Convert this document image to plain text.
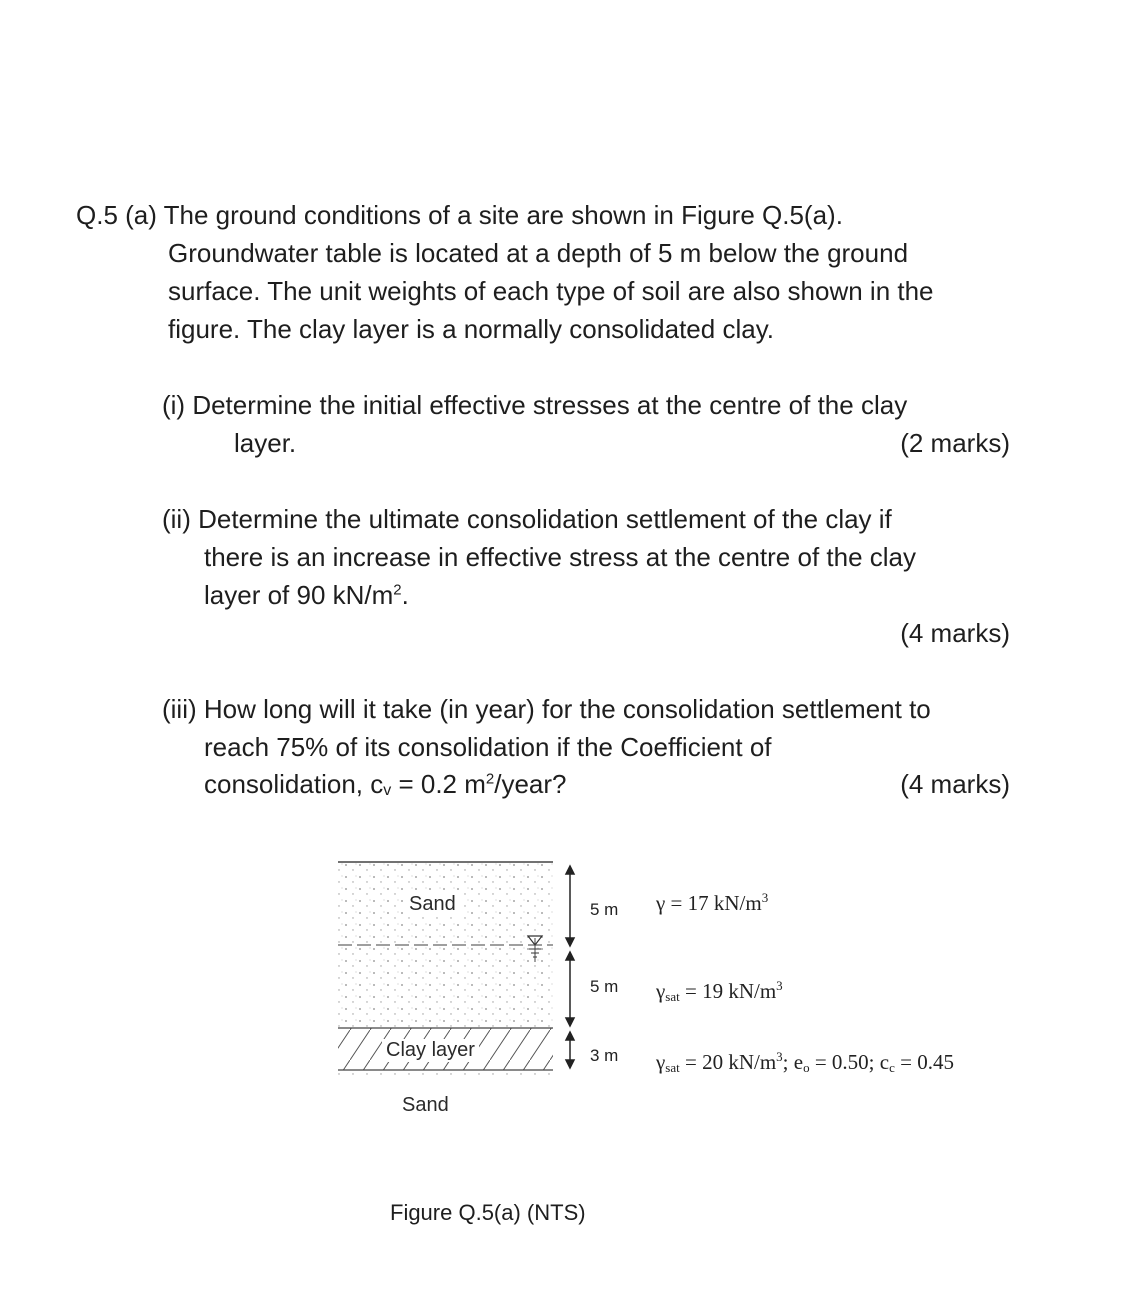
Q.5 (a) The ground conditions of a site are shown in Figure Q.5(a).

Groundwater table is located at a depth of 5 m below the ground

surface. The unit weights of each type of soil are also shown in the

figure. The clay layer is a normally consolidated clay.

(i) Determine the initial effective stresses at the centre of the clay

layer.	(2 marks)

(ii) Determine the ultimate consolidation settlement of the clay if

there is an increase in effective stress at the centre of the clay

layer of 90 $kN/m^2$.

(4 marks)

(iii) How long will it take (in year) for the consolidation settlement to

reach 75% of its consolidation if the Coefficient of

consolidation, cv = 0.2 $m^2$/year?	(4 marks)

Sand
Clay layer
Sand
5 m
5 m
3 m
γ = 17 $kN/m^3$
$\gamma_{sat} = 19$ $kN/m^3$
$\gamma_{sat} = 20$ $kN/m^3$; $e_o = 0.50$; $c_c = 0.45$

Figure Q.5(a) (NTS)
